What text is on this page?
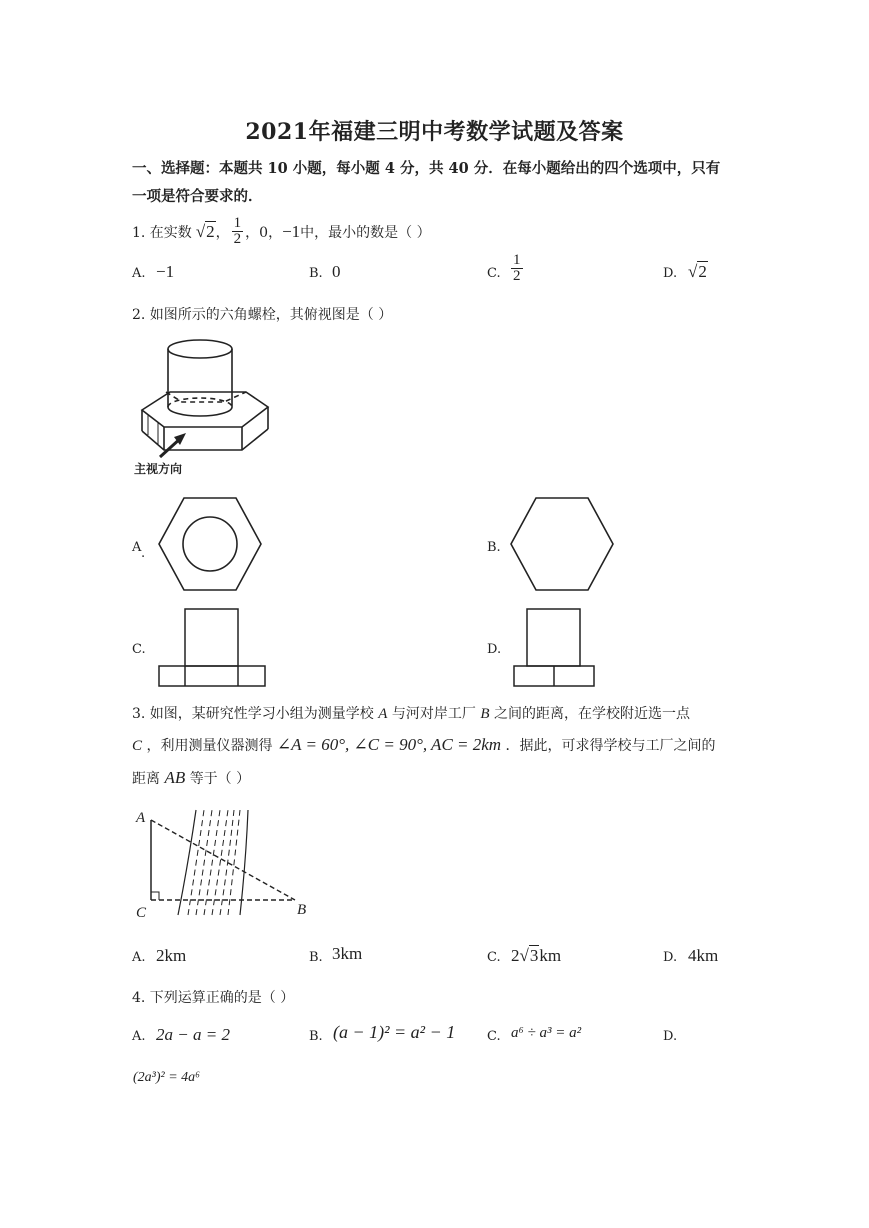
2021年福建三明中考数学试题及答案
一、选择题：本题共 10 小题，每小题 4 分，共 40 分．在每小题给出的四个选项中，只有
一项是符合要求的．
1. 在实数 √2 ， $\frac{1}{2}$ ，0， −1 中，最小的数是（ ）
A. −1	B. 0	C. $\frac{1}{2}$	D. √2
2. 如图所示的六角螺栓，其俯视图是（ ）
主视方向
A .	B.
C.	D.
3. 如图，某研究性学习小组为测量学校 A 与河对岸工厂 B 之间的距离，在学校附近选一点
C ，利用测量仪器测得 ∠A = 60°, ∠C = 90°, AC = 2km ．据此，可求得学校与工厂之间的
距离 AB 等于（ ）
A
C	B
A. 2km	B. 3km	C. 2√3km	D. 4km
4. 下列运算正确的是（ ）
A. 2a − a = 2	B. (a − 1)² = a² − 1 C. a⁶ ÷ a³ = a²	D.
(2a³)² = 4a⁶
